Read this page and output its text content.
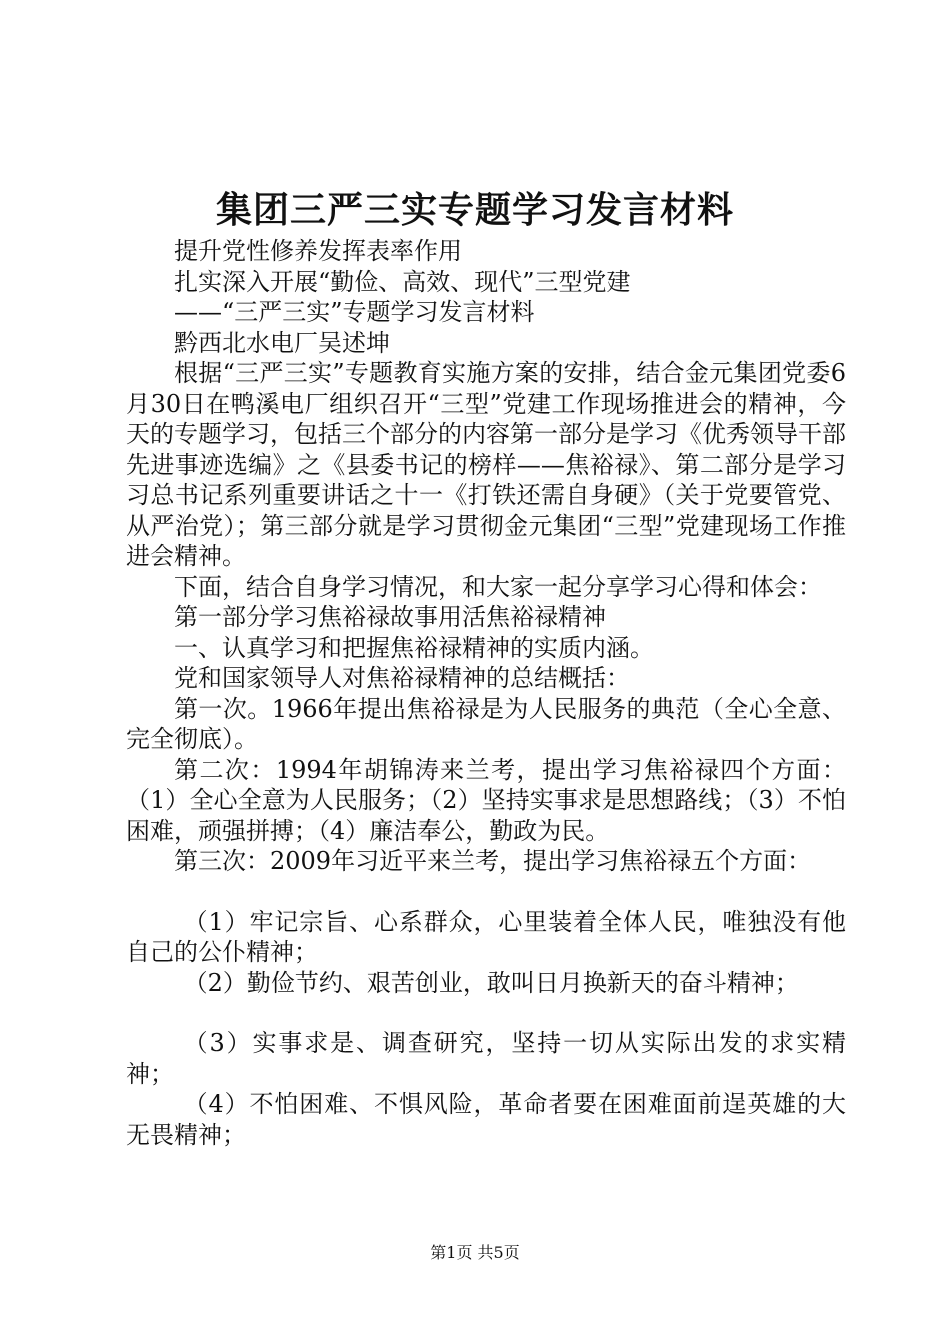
集团三严三实专题学习发言材料

提升党性修养发挥表率作用

扎实深入开展“勤俭、高效、现代”三型党建

——“三严三实”专题学习发言材料

黔西北水电厂吴述坤

根据“三严三实”专题教育实施方案的安排，结合金元集团党委6月30日在鸭溪电厂组织召开“三型”党建工作现场推进会的精神，今天的专题学习，包括三个部分的内容第一部分是学习《优秀领导干部先进事迹选编》之《县委书记的榜样——焦裕禄》、第二部分是学习习总书记系列重要讲话之十一《打铁还需自身硬》（关于党要管党、从严治党）；第三部分就是学习贯彻金元集团“三型”党建现场工作推进会精神。

下面，结合自身学习情况，和大家一起分享学习心得和体会：

第一部分学习焦裕禄故事用活焦裕禄精神

一、认真学习和把握焦裕禄精神的实质内涵。

党和国家领导人对焦裕禄精神的总结概括：

第一次。1966年提出焦裕禄是为人民服务的典范（全心全意、完全彻底）。

第二次：1994年胡锦涛来兰考，提出学习焦裕禄四个方面：（1）全心全意为人民服务；（2）坚持实事求是思想路线；（3）不怕困难，顽强拼搏；（4）廉洁奉公，勤政为民。

第三次：2009年习近平来兰考，提出学习焦裕禄五个方面：

（1）牢记宗旨、心系群众，心里装着全体人民，唯独没有他自己的公仆精神；

（2）勤俭节约、艰苦创业，敢叫日月换新天的奋斗精神；

（3）实事求是、调查研究，坚持一切从实际出发的求实精神；

（4）不怕困难、不惧风险，革命者要在困难面前逞英雄的大无畏精神；

第1页 共5页
